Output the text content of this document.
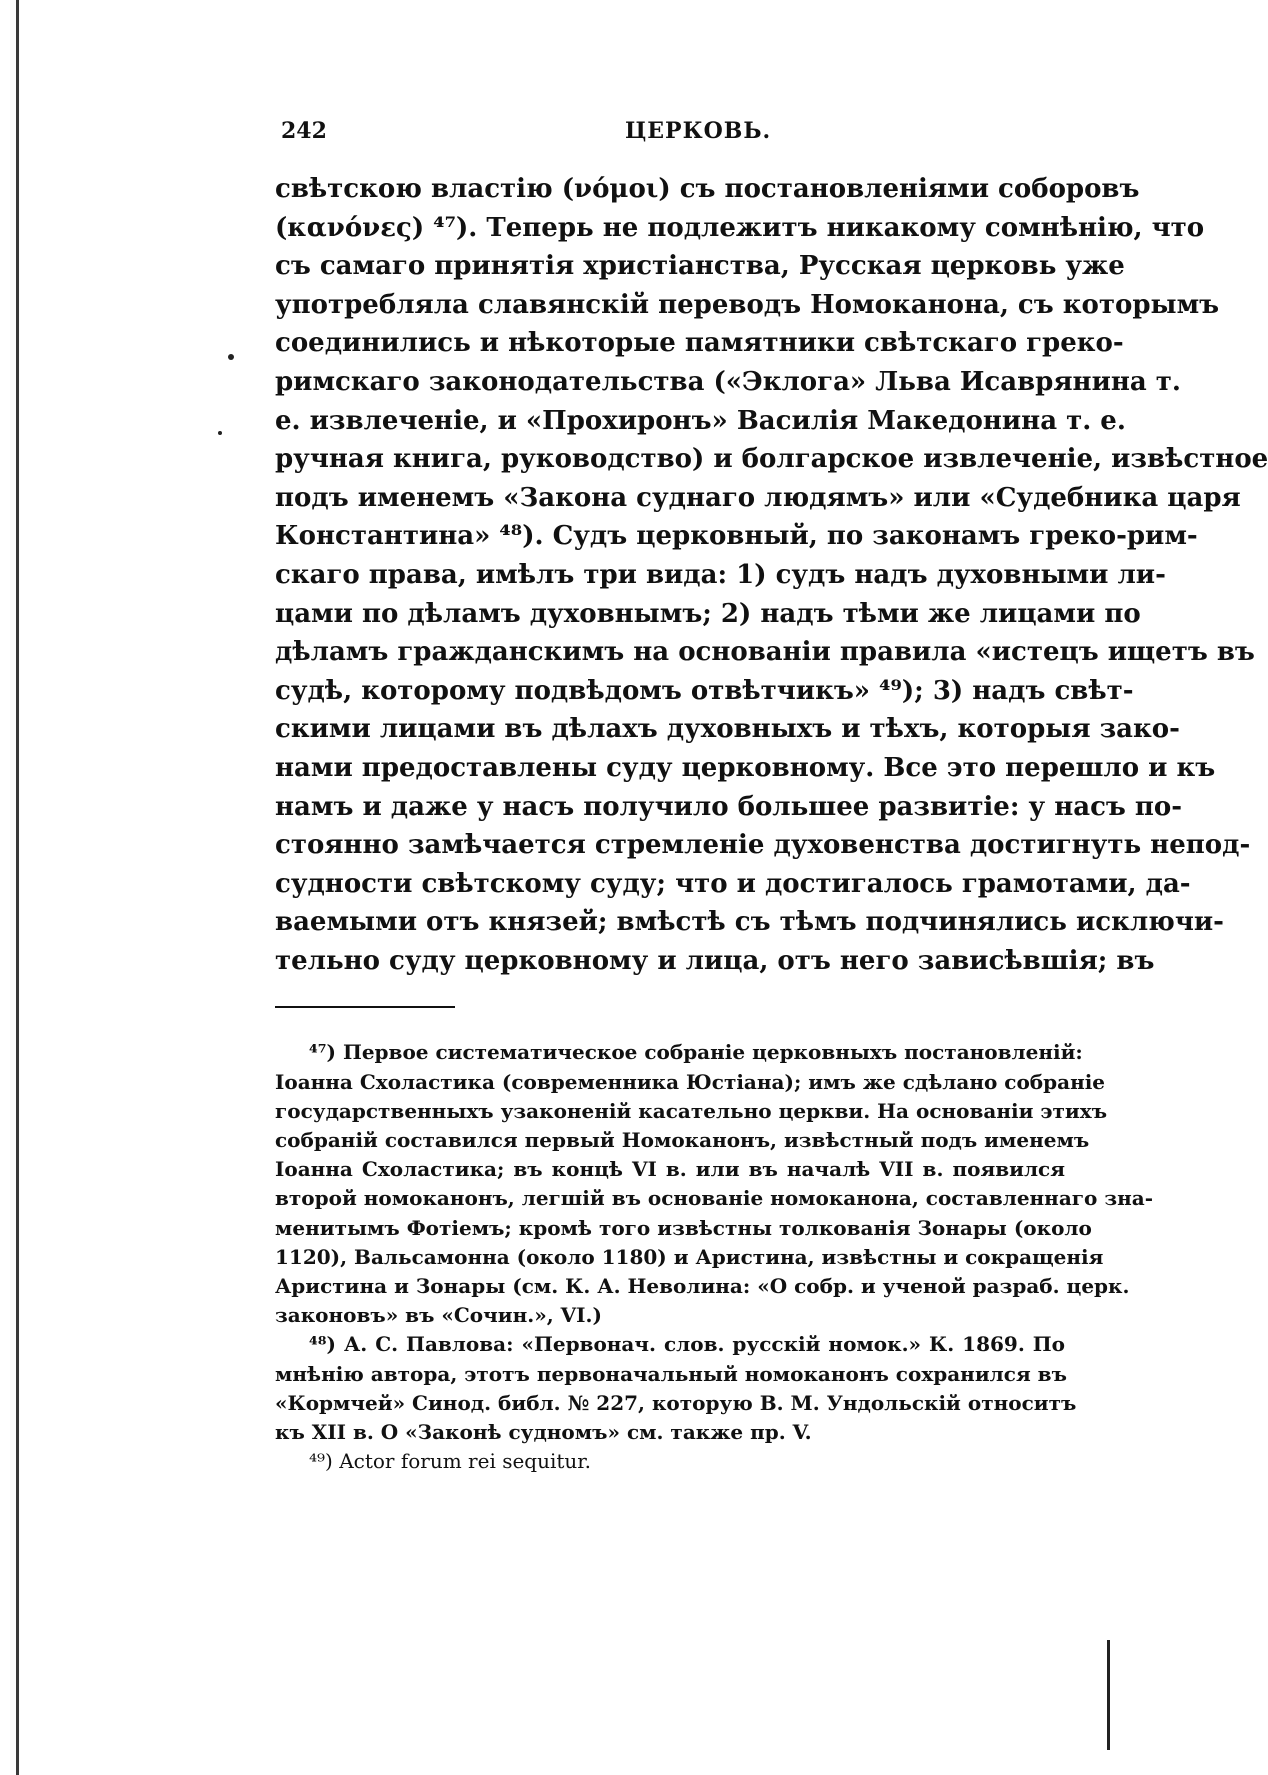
242	ЦЕРКОВЬ.
свѣтскою властію (νόμοι) съ постановленіями соборовъ
(κανόνες) ⁴⁷). Теперь не подлежитъ никакому сомнѣнію, что
съ самаго принятія христіанства, Русская церковь уже
употребляла славянскій переводъ Номоканона, съ которымъ
соединились и нѣкоторые памятники свѣтскаго греко-
римскаго законодательства («Эклога» Льва Исаврянина т.
е. извлеченіе, и «Прохиронъ» Василія Македонина т. е.
ручная книга, руководство) и болгарское извлеченіе, извѣстное
подъ именемъ «Закона суднаго людямъ» или «Судебника царя
Константина» ⁴⁸). Судъ церковный, по законамъ греко-рим-
скаго права, имѣлъ три вида: 1) судъ надъ духовными ли-
цами по дѣламъ духовнымъ; 2) надъ тѣми же лицами по
дѣламъ гражданскимъ на основаніи правила «истецъ ищетъ въ
судѣ, которому подвѣдомъ отвѣтчикъ» ⁴⁹); 3) надъ свѣт-
скими лицами въ дѣлахъ духовныхъ и тѣхъ, которыя зако-
нами предоставлены суду церковному. Все это перешло и къ
намъ и даже у насъ получило большее развитіе: у насъ по-
стоянно замѣчается стремленіе духовенства достигнуть непод-
судности свѣтскому суду; что и достигалось грамотами, да-
ваемыми отъ князей; вмѣстѣ съ тѣмъ подчинялись исключи-
тельно суду церковному и лица, отъ него зависѣвшія; въ
⁴⁷) Первое систематическое собраніе церковныхъ постановленій:
Іоанна Схоластика (современника Юстіана); имъ же сдѣлано собраніе
государственныхъ узаконеній касательно церкви. На основаніи этихъ
собраній составился первый Номоканонъ, извѣстный подъ именемъ
Іоанна Схоластика; въ концѣ VI в. или въ началѣ VII в. появился
второй номоканонъ, легшій въ основаніе номоканона, составленнаго зна-
менитымъ Фотіемъ; кромѣ того извѣстны толкованія Зонары (около
1120), Вальсамонна (около 1180) и Аристина, извѣстны и сокращенія
Аристина и Зонары (см. К. А. Неволина: «О собр. и ученой разраб. церк.
законовъ» въ «Сочин.», VI.)
⁴⁸) А. С. Павлова: «Первонач. слов. русскій номок.» К. 1869. По
мнѣнію автора, этотъ первоначальный номоканонъ сохранился въ
«Кормчей» Синод. библ. № 227, которую В. М. Ундольскій относитъ
къ XII в. О «Законѣ судномъ» см. также пр. V.
⁴⁹) Actor forum rei sequitur.
